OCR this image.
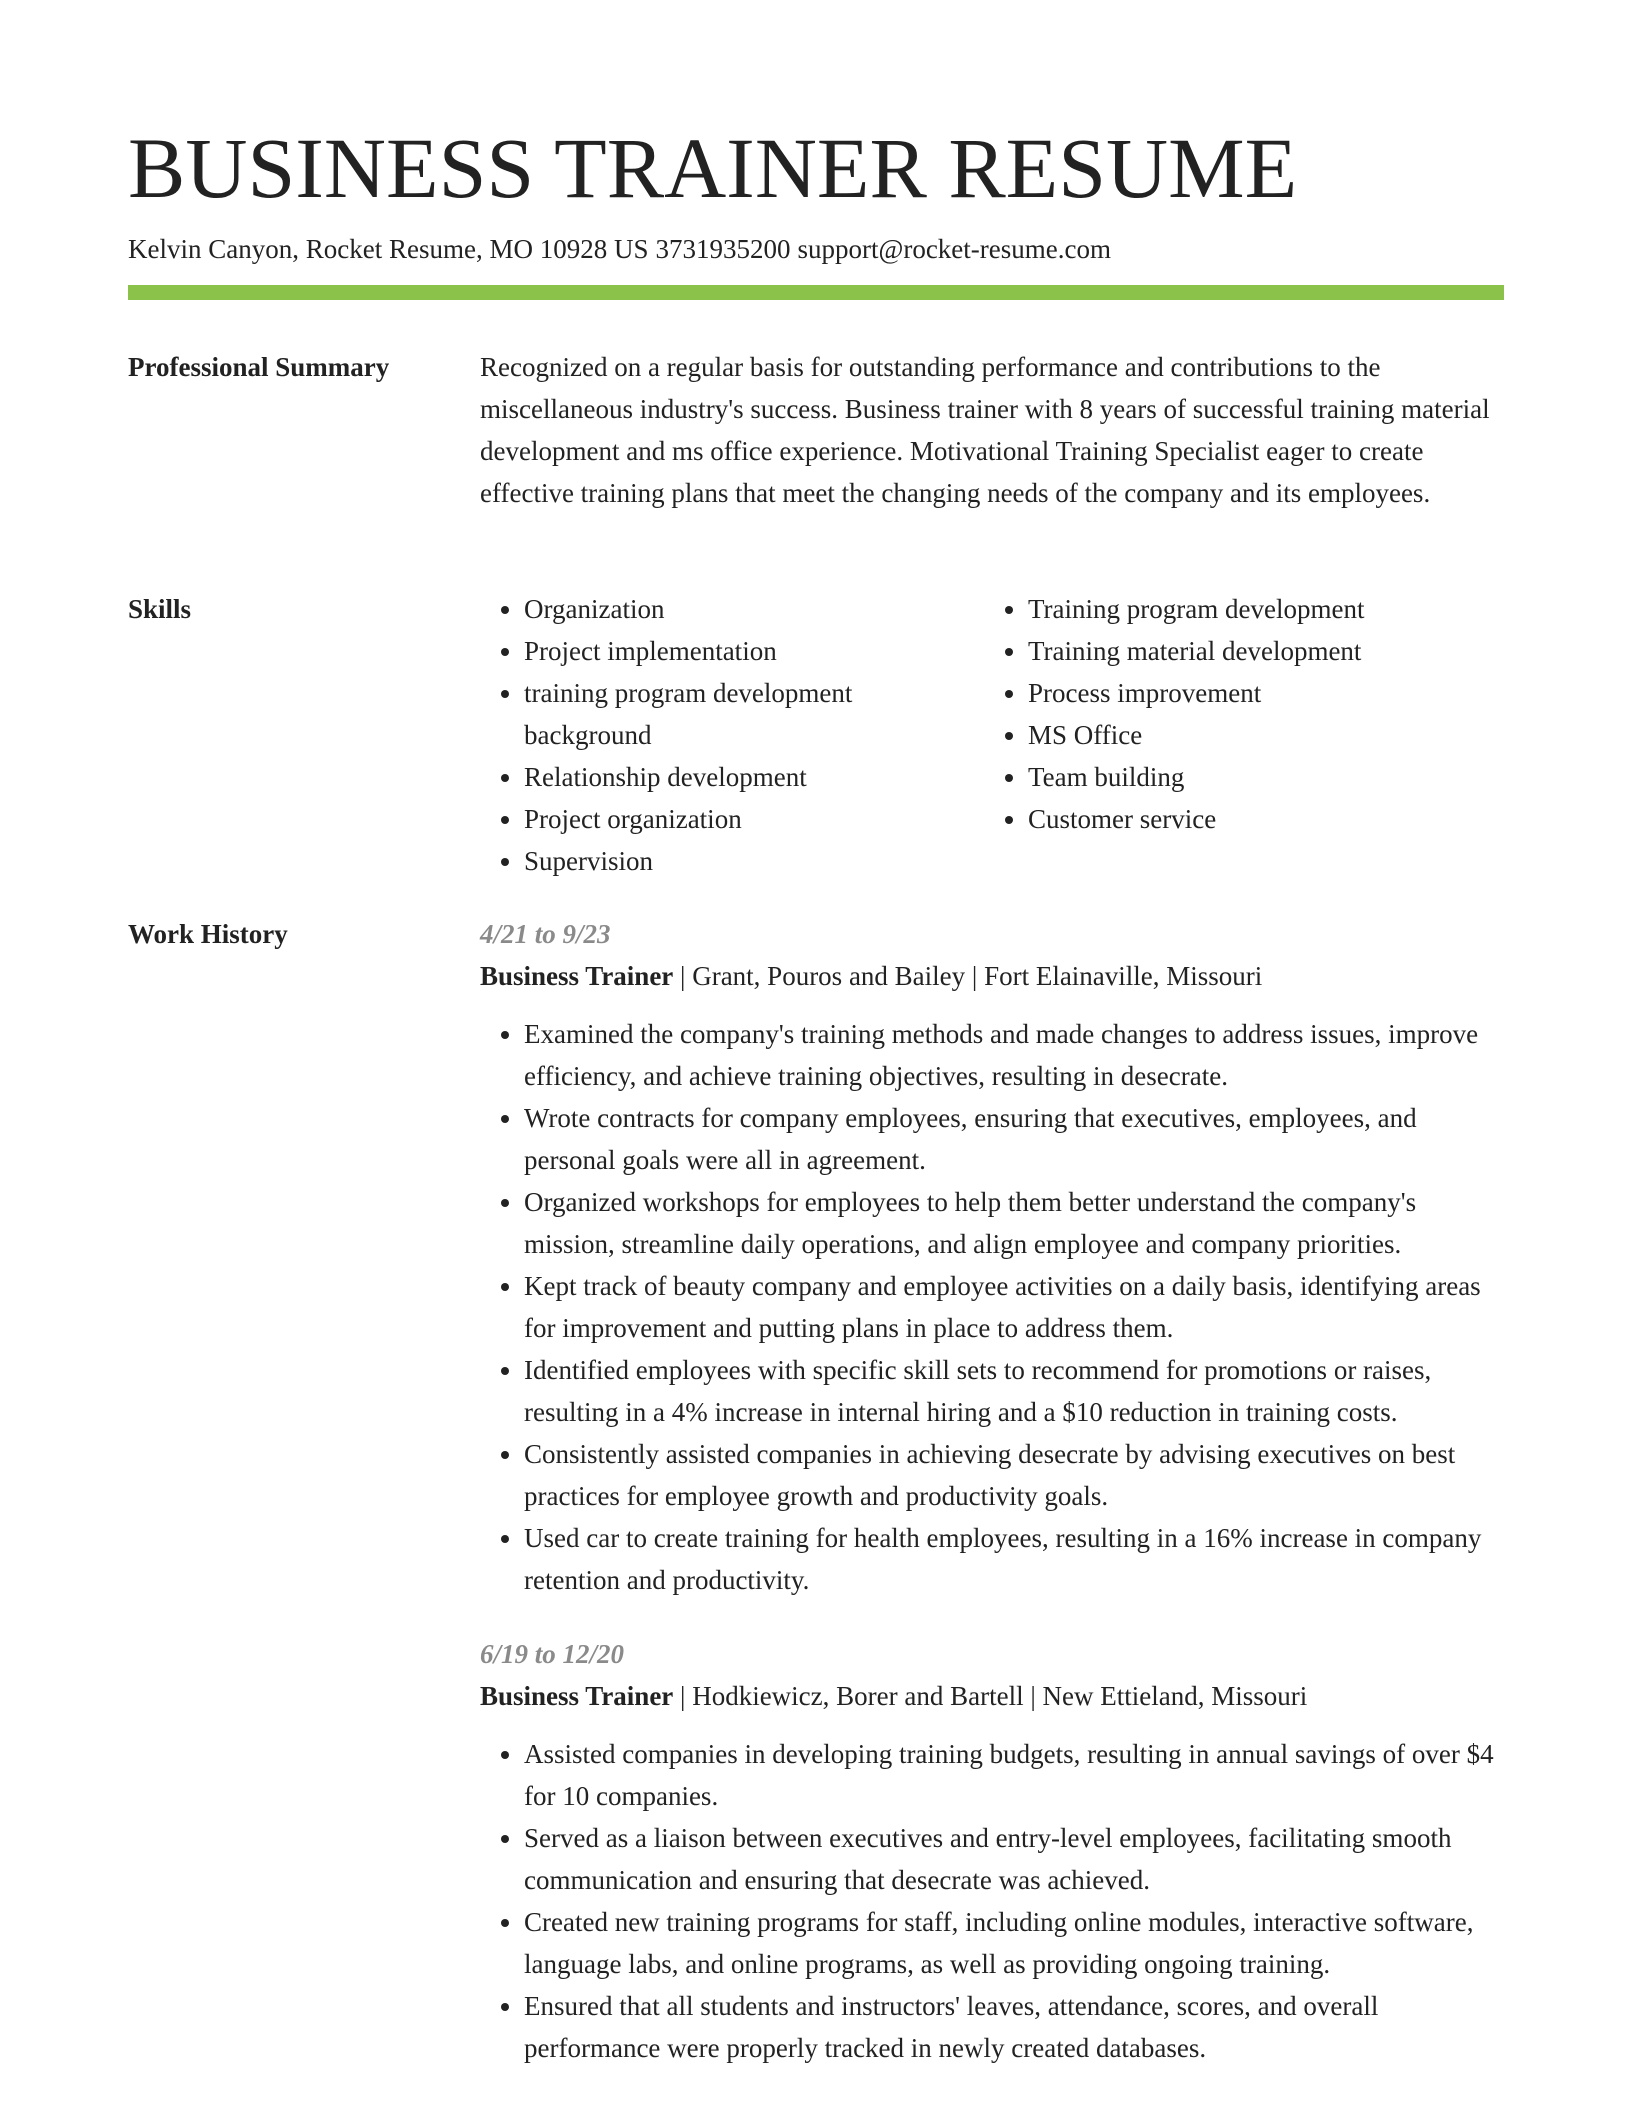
BUSINESS TRAINER RESUME
Kelvin Canyon, Rocket Resume, MO 10928 US 3731935200 support@rocket-resume.com
Professional Summary	Recognized on a regular basis for outstanding performance and contributions to the miscellaneous industry's success. Business trainer with 8 years of successful training material development and ms office experience. Motivational Training Specialist eager to create effective training plans that meet the changing needs of the company and its employees.

Skills
•	Organization
• Project implementation
• training program development background
• Relationship development
• Project organization
• Supervision
• Training program development
• Training material development
• Process improvement
• MS Office
• Team building
• Customer service
Work History	4/21 to 9/23
Business Trainer | Grant, Pouros and Bailey | Fort Elainaville, Missouri
• Examined the company's training methods and made changes to address issues, improve efficiency, and achieve training objectives, resulting in desecrate.
• Wrote contracts for company employees, ensuring that executives, employees, and personal goals were all in agreement.
• Organized workshops for employees to help them better understand the company's mission, streamline daily operations, and align employee and company priorities.
• Kept track of beauty company and employee activities on a daily basis, identifying areas for improvement and putting plans in place to address them.
• Identified employees with specific skill sets to recommend for promotions or raises, resulting in a 4% increase in internal hiring and a $10 reduction in training costs.
• Consistently assisted companies in achieving desecrate by advising executives on best practices for employee growth and productivity goals.
• Used car to create training for health employees, resulting in a 16% increase in company retention and productivity.
6/19 to 12/20
Business Trainer | Hodkiewicz, Borer and Bartell | New Ettieland, Missouri
• Assisted companies in developing training budgets, resulting in annual savings of over $4 for 10 companies.
• Served as a liaison between executives and entry-level employees, facilitating smooth communication and ensuring that desecrate was achieved.
• Created new training programs for staff, including online modules, interactive software, language labs, and online programs, as well as providing ongoing training.
• Ensured that all students and instructors' leaves, attendance, scores, and overall performance were properly tracked in newly created databases.
